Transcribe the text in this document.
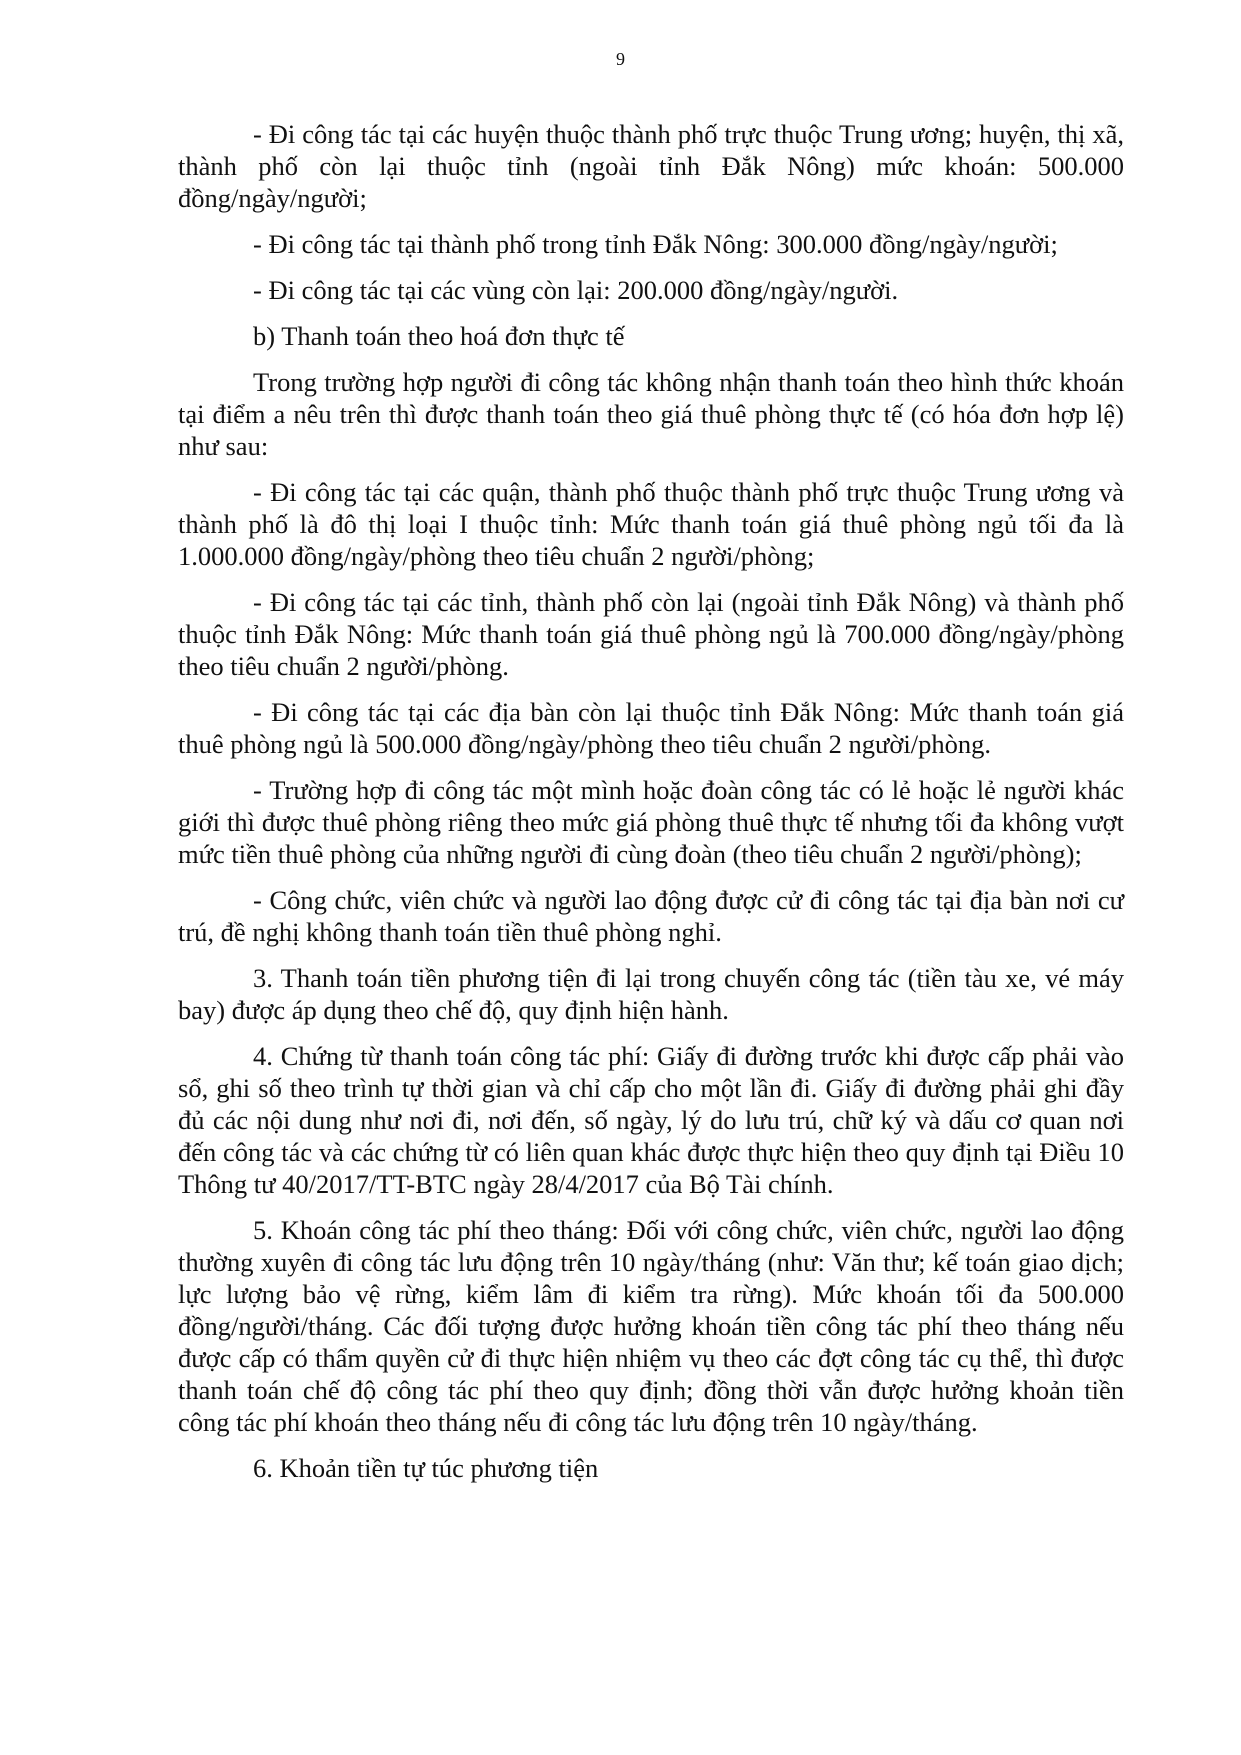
9

- Đi công tác tại các huyện thuộc thành phố trực thuộc Trung ương; huyện, thị xã, thành phố còn lại thuộc tỉnh (ngoài tỉnh Đắk Nông) mức khoán: 500.000 đồng/ngày/người;

- Đi công tác tại thành phố trong tỉnh Đắk Nông: 300.000 đồng/ngày/người;

- Đi công tác tại các vùng còn lại: 200.000 đồng/ngày/người.

b) Thanh toán theo hoá đơn thực tế

Trong trường hợp người đi công tác không nhận thanh toán theo hình thức khoán tại điểm a nêu trên thì được thanh toán theo giá thuê phòng thực tế (có hóa đơn hợp lệ) như sau:

- Đi công tác tại các quận, thành phố thuộc thành phố trực thuộc Trung ương và thành phố là đô thị loại I thuộc tỉnh: Mức thanh toán giá thuê phòng ngủ tối đa là 1.000.000 đồng/ngày/phòng theo tiêu chuẩn 2 người/phòng;

- Đi công tác tại các tỉnh, thành phố còn lại (ngoài tỉnh Đắk Nông) và thành phố thuộc tỉnh Đắk Nông: Mức thanh toán giá thuê phòng ngủ là 700.000 đồng/ngày/phòng theo tiêu chuẩn 2 người/phòng.

- Đi công tác tại các địa bàn còn lại thuộc tỉnh Đắk Nông: Mức thanh toán giá thuê phòng ngủ là 500.000 đồng/ngày/phòng theo tiêu chuẩn 2 người/phòng.

- Trường hợp đi công tác một mình hoặc đoàn công tác có lẻ hoặc lẻ người khác giới thì được thuê phòng riêng theo mức giá phòng thuê thực tế nhưng tối đa không vượt mức tiền thuê phòng của những người đi cùng đoàn (theo tiêu chuẩn 2 người/phòng);

- Công chức, viên chức và người lao động được cử đi công tác tại địa bàn nơi cư trú, đề nghị không thanh toán tiền thuê phòng nghỉ.

3. Thanh toán tiền phương tiện đi lại trong chuyến công tác (tiền tàu xe, vé máy bay) được áp dụng theo chế độ, quy định hiện hành.

4. Chứng từ thanh toán công tác phí: Giấy đi đường trước khi được cấp phải vào sổ, ghi số theo trình tự thời gian và chỉ cấp cho một lần đi. Giấy đi đường phải ghi đầy đủ các nội dung như nơi đi, nơi đến, số ngày, lý do lưu trú, chữ ký và dấu cơ quan nơi đến công tác và các chứng từ có liên quan khác được thực hiện theo quy định tại Điều 10 Thông tư 40/2017/TT-BTC ngày 28/4/2017 của Bộ Tài chính.

5. Khoán công tác phí theo tháng: Đối với công chức, viên chức, người lao động thường xuyên đi công tác lưu động trên 10 ngày/tháng (như: Văn thư; kế toán giao dịch; lực lượng bảo vệ rừng, kiểm lâm đi kiểm tra rừng). Mức khoán tối đa 500.000 đồng/người/tháng. Các đối tượng được hưởng khoán tiền công tác phí theo tháng nếu được cấp có thẩm quyền cử đi thực hiện nhiệm vụ theo các đợt công tác cụ thể, thì được thanh toán chế độ công tác phí theo quy định; đồng thời vẫn được hưởng khoản tiền công tác phí khoán theo tháng nếu đi công tác lưu động trên 10 ngày/tháng.

6. Khoản tiền tự túc phương tiện
